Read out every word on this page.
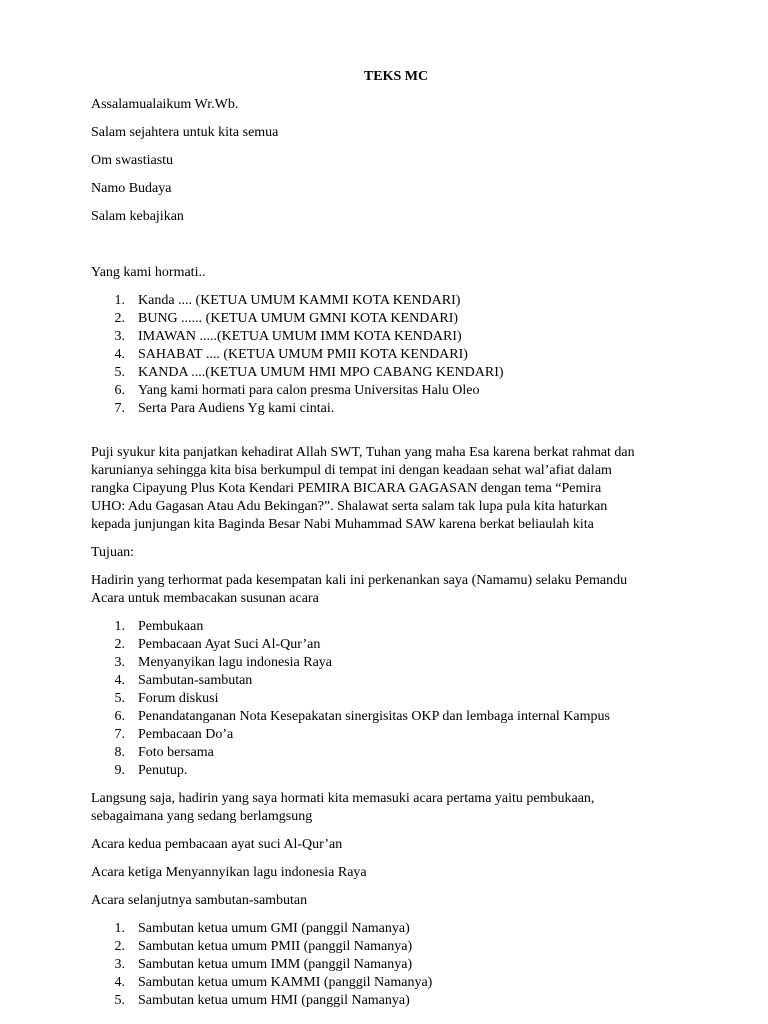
TEKS MC
Assalamualaikum Wr.Wb.
Salam sejahtera untuk kita semua
Om swastiastu
Namo Budaya
Salam kebajikan
Yang kami hormati..
1. Kanda .... (KETUA UMUM KAMMI KOTA KENDARI)
2. BUNG ...... (KETUA UMUM GMNI KOTA KENDARI)
3. IMAWAN .....(KETUA UMUM IMM KOTA KENDARI)
4. SAHABAT .... (KETUA UMUM PMII KOTA KENDARI)
5. KANDA ....(KETUA UMUM HMI MPO CABANG KENDARI)
6. Yang kami hormati para calon presma Universitas Halu Oleo
7. Serta Para Audiens Yg kami cintai.
Puji syukur kita panjatkan kehadirat Allah SWT, Tuhan yang maha Esa karena berkat rahmat dan
karunianya sehingga kita bisa berkumpul di tempat ini dengan keadaan sehat wal’afiat dalam
rangka Cipayung Plus Kota Kendari PEMIRA BICARA GAGASAN dengan tema “Pemira
UHO: Adu Gagasan Atau Adu Bekingan?”. Shalawat serta salam tak lupa pula kita haturkan
kepada junjungan kita Baginda Besar Nabi Muhammad SAW karena berkat beliaulah kita
Tujuan:
Hadirin yang terhormat pada kesempatan kali ini perkenankan saya (Namamu) selaku Pemandu
Acara untuk membacakan susunan acara
1. Pembukaan
2. Pembacaan Ayat Suci Al-Qur’an
3. Menyanyikan lagu indonesia Raya
4. Sambutan-sambutan
5. Forum diskusi
6. Penandatanganan Nota Kesepakatan sinergisitas OKP dan lembaga internal Kampus
7. Pembacaan Do’a
8. Foto bersama
9. Penutup.
Langsung saja, hadirin yang saya hormati kita memasuki acara pertama yaitu pembukaan,
sebagaimana yang sedang berlamgsung
Acara kedua pembacaan ayat suci Al-Qur’an
Acara ketiga Menyannyikan lagu indonesia Raya
Acara selanjutnya sambutan-sambutan
1. Sambutan ketua umum GMI (panggil Namanya)
2. Sambutan ketua umum PMII (panggil Namanya)
3. Sambutan ketua umum IMM (panggil Namanya)
4. Sambutan ketua umum KAMMI (panggil Namanya)
5. Sambutan ketua umum HMI (panggil Namanya)
